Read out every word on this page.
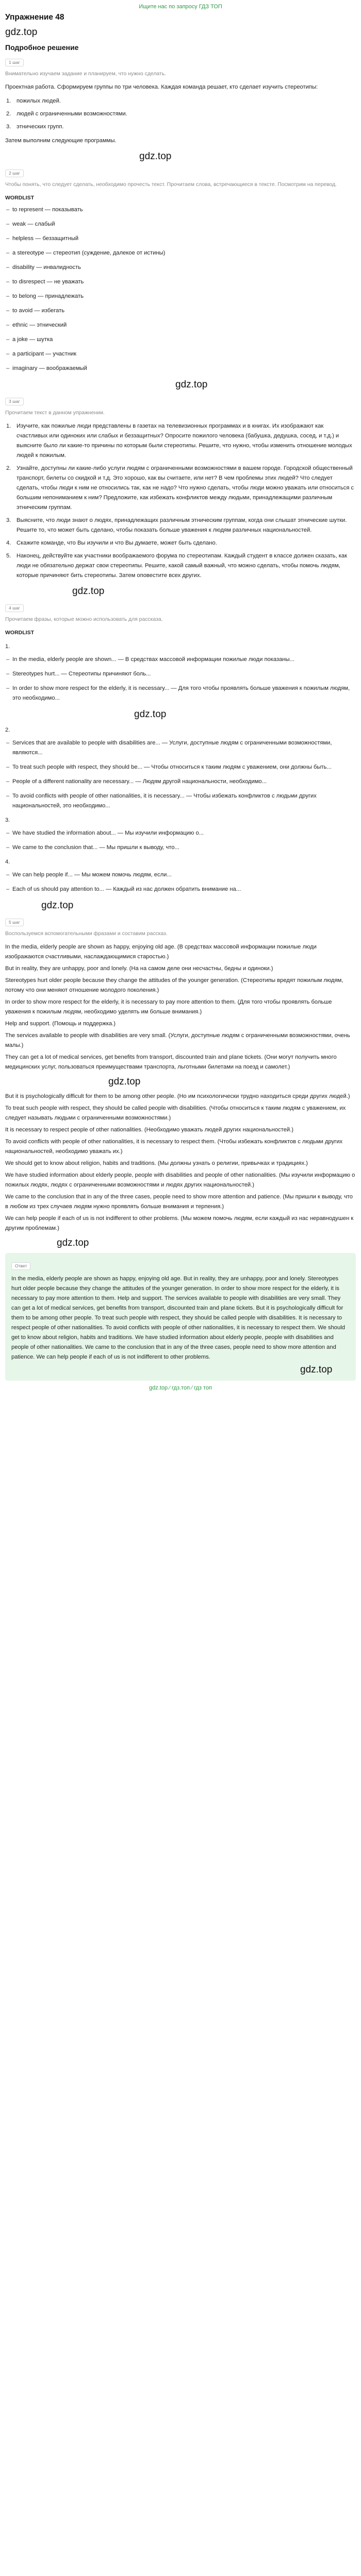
Ищите нас по запросу ГДЗ ТОП
Упражнение 48
gdz.top
Подробное решение
1 шаг
Внимательно изучаем задание и планируем, что нужно сделать.
Проектная работа. Сформируем группы по три человека. Каждая команда решает, кто сделает изучить стереотипы:
1. пожилых людей.
2. людей с ограниченными возможностями.
3. этнических групп.
Затем выполним следующие программы.
gdz.top
2 шаг
Чтобы понять, что следует сделать, необходимо прочесть текст. Прочитаем слова, встречающиеся в тексте. Посмотрим на перевод.
WORDLIST
– to represent — показывать
– weak — слабый
– helpless — беззащитный
– a stereotype — стереотип (суждение, далекое от истины)
– disability — инвалидность
– to disrespect — не уважать
– to belong — принадлежать
– to avoid — избегать
– ethnic — этнический
– a joke — шутка
– a participant — участник
– imaginary — воображаемый
gdz.top
3 шаг
Прочитаем текст в данном упражнении.
1. Изучите, как пожилые люди представлены в газетах на телевизионных программах и в книгах. Их изображают как счастливых или одиноких или слабых и беззащитных? Опросите пожилого человека (бабушка, дедушка, сосед, и т.д.) и выясните было ли какие-то причины по которым были стереотипы. Решите, что нужно, чтобы изменить отношение молодых людей к пожилым.
2. Узнайте, доступны ли какие-либо услуги людям с ограниченными возможностями в вашем городе. Городской общественный транспорт, билеты со скидкой и т.д. Это хорошо, как вы считаете, или нет? В чем проблемы этих людей? Что следует сделать, чтобы люди к ним не относились так, как не надо? Что нужно сделать, чтобы люди можно уважать или относиться с большим непониманием к ним? Предложите, как избежать конфликтов между людьми, принадлежащими различным этническим группам.
3. Выясните, что люди знают о людях, принадлежащих различным этническим группам, когда они слышат этнические шутки. Решите то, что может быть сделано, чтобы показать больше уважения к людям различных национальностей.
4. Скажите команде, что Вы изучили и что Вы думаете, может быть сделано.
5. Наконец, действуйте как участники воображаемого форума по стереотипам. Каждый студент в классе должен сказать, как люди не обязательно держат свои стереотипы. Решите, какой самый важный, что можно сделать, чтобы помочь людям, которые причиняют бить стереотипы. Затем оповестите всех других.
gdz.top
4 шаг
Прочитаем фразы, которые можно использовать для рассказа.
WORDLIST
1.
– In the media, elderly people are shown... — В средствах массовой информации пожилые люди показаны...
– Stereotypes hurt... — Стереотипы причиняют боль...
– In order to show more respect for the elderly, it is necessary... — Для того чтобы проявлять больше уважения к пожилым людям, это необходимо...
gdz.top
2.
– Services that are available to people with disabilities are... — Услуги, доступные людям с ограниченными возможностями, являются...
– To treat such people with respect, they should be... — Чтобы относиться к таким людям с уважением, они должны быть...
– People of a different nationality are necessary... — Людям другой национальности, необходимо...
– To avoid conflicts with people of other nationalities, it is necessary... — Чтобы избежать конфликтов с людьми других национальностей, это необходимо...
3.
– We have studied the information about... — Мы изучили информацию о...
– We came to the conclusion that... — Мы пришли к выводу, что...
4.
– We can help people if... — Мы можем помочь людям, если...
– Each of us should pay attention to... — Каждый из нас должен обратить внимание на...
gdz.top
5 шаг
Воспользуемся вспомогательными фразами и составим рассказ.

In the media, elderly people are shown as happy, enjoying old age. (В средствах массовой информации пожилые люди изображаются счастливыми, наслаждающимися старостью.)

But in reality, they are unhappy, poor and lonely. (На на самом деле они несчастны, бедны и одиноки.)

Stereotypes hurt older people because they change the attitudes of the younger generation. (Стереотипы вредят пожилым людям, потому что они меняют отношение молодого поколения.)

In order to show more respect for the elderly, it is necessary to pay more attention to them. (Для того чтобы проявлять больше уважения к пожилым людям, необходимо уделять им больше внимания.)

Help and support. (Помощь и поддержка.)

The services available to people with disabilities are very small. (Услуги, доступные людям с ограниченными возможностями, очень малы.)

They can get a lot of medical services, get benefits from transport, discounted train and plane tickets. (Они могут получить много медицинских услуг, пользоваться преимуществами транспорта, льготными билетами на поезд и самолет.)

gdz.top

But it is psychologically difficult for them to be among other people. (Но им психологически трудно находиться среди других людей.)

To treat such people with respect, they should be called people with disabilities. (Чтобы относиться к таким людям с уважением, их следует называть людьми с ограниченными возможностями.)

It is necessary to respect people of other nationalities. (Необходимо уважать людей других национальностей.)

To avoid conflicts with people of other nationalities, it is necessary to respect them. (Чтобы избежать конфликтов с людьми других национальностей, необходимо уважать их.)

We should get to know about religion, habits and traditions. (Мы должны узнать о религии, привычках и традициях.)

We have studied information about elderly people, people with disabilities and people of other nationalities. (Мы изучили информацию о пожилых людях, людях с ограниченными возможностями и людях других национальностей.)

We came to the conclusion that in any of the three cases, people need to show more attention and patience. (Мы пришли к выводу, что в любом из трех случаев людям нужно проявлять больше внимания и терпения.)

We can help people if each of us is not indifferent to other problems. (Мы можем помочь людям, если каждый из нас неравнодушен к другим проблемам.)

gdz.top
Ответ

In the media, elderly people are shown as happy, enjoying old age. But in reality, they are unhappy, poor and lonely. Stereotypes hurt older people because they change the attitudes of the younger generation. In order to show more respect for the elderly, it is necessary to pay more attention to them. Help and support. The services available to people with disabilities are very small. They can get a lot of medical services, get benefits from transport, discounted train and plane tickets. But it is psychologically difficult for them to be among other people. To treat such people with respect, they should be called people with disabilities. It is necessary to respect people of other nationalities. To avoid conflicts with people of other nationalities, it is necessary to respect them. We should get to know about religion, habits and traditions. We have studied information about elderly people, people with disabilities and people of other nationalities. We came to the conclusion that in any of the three cases, people need to show more attention and patience. We can help people if each of us is not indifferent to other problems.

gdz.top
gdz.top ⁄ гдз.топ ⁄ гдз топ
